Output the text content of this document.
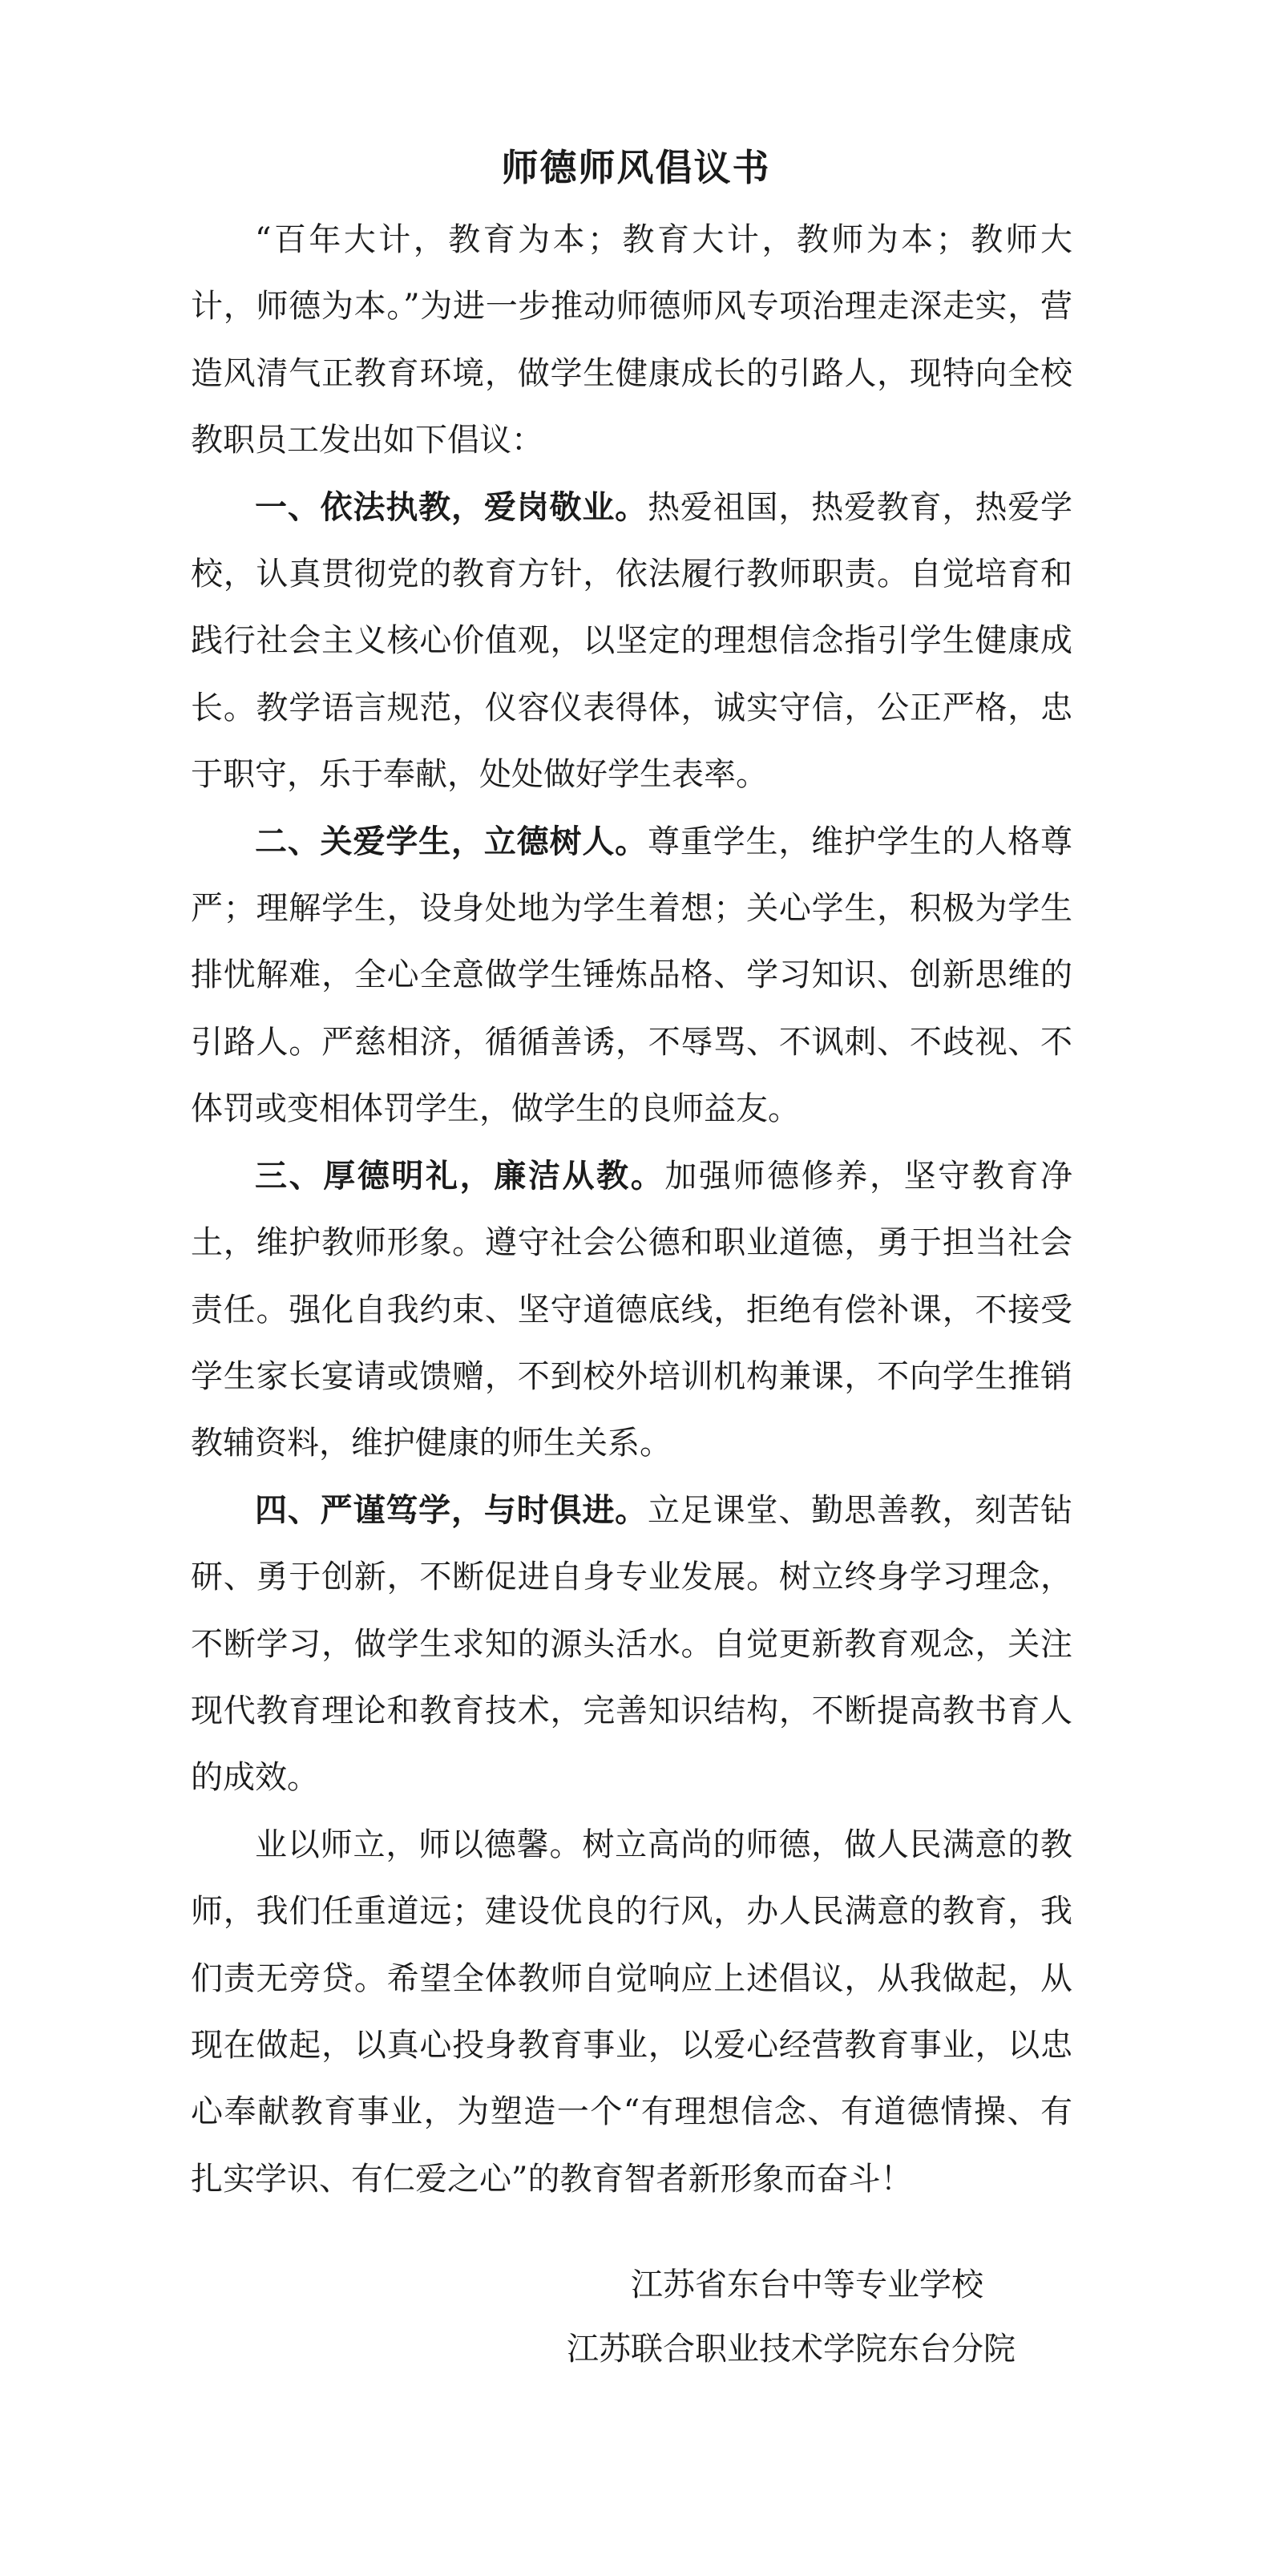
师德师风倡议书

“百年大计，教育为本；教育大计，教师为本；教师大计，师德为本。”为进一步推动师德师风专项治理走深走实，营造风清气正教育环境，做学生健康成长的引路人，现特向全校教职员工发出如下倡议：

一、依法执教，爱岗敬业。热爱祖国，热爱教育，热爱学校，认真贯彻党的教育方针，依法履行教师职责。自觉培育和践行社会主义核心价值观，以坚定的理想信念指引学生健康成长。教学语言规范，仪容仪表得体，诚实守信，公正严格，忠于职守，乐于奉献，处处做好学生表率。

二、关爱学生，立德树人。尊重学生，维护学生的人格尊严；理解学生，设身处地为学生着想；关心学生，积极为学生排忧解难，全心全意做学生锤炼品格、学习知识、创新思维的引路人。严慈相济，循循善诱，不辱骂、不讽刺、不歧视、不体罚或变相体罚学生，做学生的良师益友。

三、厚德明礼，廉洁从教。加强师德修养，坚守教育净土，维护教师形象。遵守社会公德和职业道德，勇于担当社会责任。强化自我约束、坚守道德底线，拒绝有偿补课，不接受学生家长宴请或馈赠，不到校外培训机构兼课，不向学生推销教辅资料，维护健康的师生关系。

四、严谨笃学，与时俱进。立足课堂、勤思善教，刻苦钻研、勇于创新，不断促进自身专业发展。树立终身学习理念，不断学习，做学生求知的源头活水。自觉更新教育观念，关注现代教育理论和教育技术，完善知识结构，不断提高教书育人的成效。

业以师立，师以德馨。树立高尚的师德，做人民满意的教师，我们任重道远；建设优良的行风，办人民满意的教育，我们责无旁贷。希望全体教师自觉响应上述倡议，从我做起，从现在做起，以真心投身教育事业，以爱心经营教育事业，以忠心奉献教育事业，为塑造一个“有理想信念、有道德情操、有扎实学识、有仁爱之心”的教育智者新形象而奋斗！

江苏省东台中等专业学校
江苏联合职业技术学院东台分院
